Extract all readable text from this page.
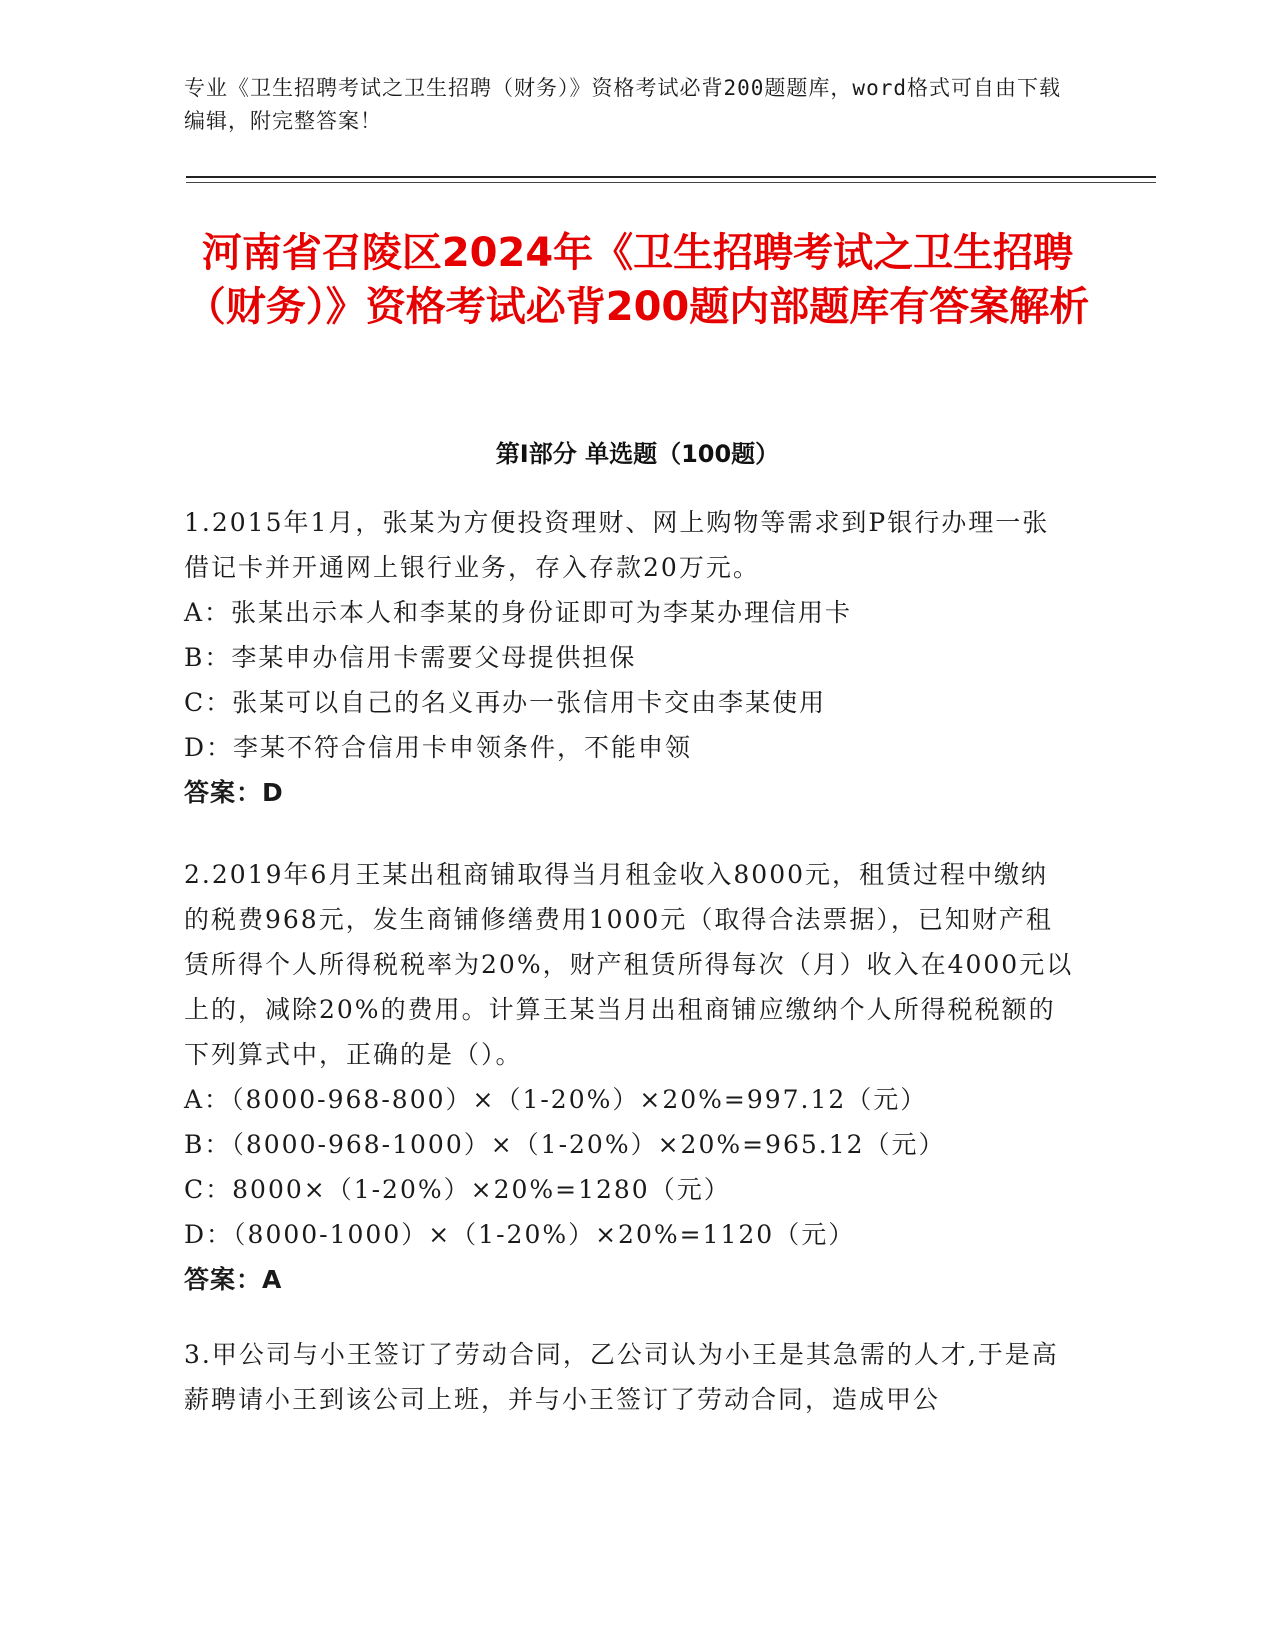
专业《卫生招聘考试之卫生招聘（财务）》资格考试必背200题题库，word格式可自由下载编辑，附完整答案！
河南省召陵区2024年《卫生招聘考试之卫生招聘（财务）》资格考试必背200题内部题库有答案解析
第I部分 单选题（100题）
1.2015年1月，张某为方便投资理财、网上购物等需求到P银行办理一张借记卡并开通网上银行业务，存入存款20万元。
A：张某出示本人和李某的身份证即可为李某办理信用卡
B：李某申办信用卡需要父母提供担保
C：张某可以自己的名义再办一张信用卡交由李某使用
D：李某不符合信用卡申领条件，不能申领
答案：D
2.2019年6月王某出租商铺取得当月租金收入8000元，租赁过程中缴纳的税费968元，发生商铺修缮费用1000元（取得合法票据），已知财产租赁所得个人所得税税率为20%，财产租赁所得每次（月）收入在4000元以上的，减除20%的费用。计算王某当月出租商铺应缴纳个人所得税税额的下列算式中，正确的是（）。
A：（8000-968-800）×（1-20%）×20%=997.12（元）
B：（8000-968-1000）×（1-20%）×20%=965.12（元）
C：8000×（1-20%）×20%=1280（元）
D：（8000-1000）×（1-20%）×20%=1120（元）
答案：A
3.甲公司与小王签订了劳动合同，乙公司认为小王是其急需的人才,于是高薪聘请小王到该公司上班，并与小王签订了劳动合同，造成甲公
